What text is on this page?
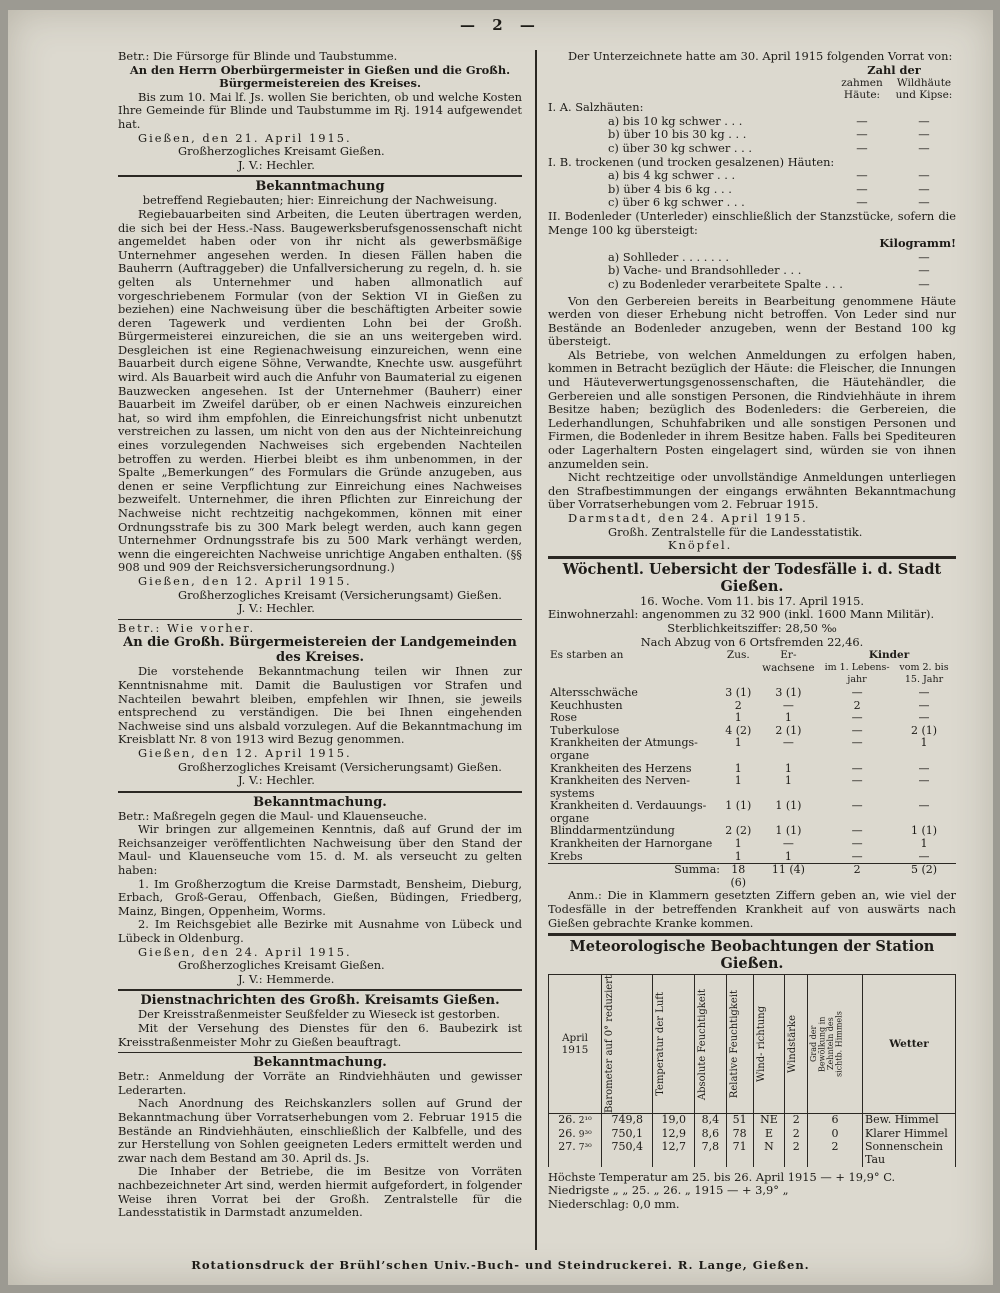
— 2 —

Betr.: Die Fürsorge für Blinde und Taubstumme.

An den Herrn Oberbürgermeister in Gießen und die Großh. Bürgermeistereien des Kreises.

Bis zum 10. Mai lf. Js. wollen Sie berichten, ob und welche Kosten Ihre Gemeinde für Blinde und Taubstumme im Rj. 1914 aufgewendet hat.

Gießen, den 21. April 1915.

Großherzogliches Kreisamt Gießen.

J. V.: Hechler.

Bekanntmachung

betreffend Regiebauten; hier: Einreichung der Nachweisung.

Regiebauarbeiten sind Arbeiten, die Leuten übertragen werden, die sich bei der Hess.-Nass. Baugewerksberufsgenossenschaft nicht angemeldet haben oder von ihr nicht als gewerbsmäßige Unternehmer angesehen werden. In diesen Fällen haben die Bauherrn (Auftraggeber) die Unfallversicherung zu regeln, d. h. sie gelten als Unternehmer und haben allmonatlich auf vorgeschriebenem Formular (von der Sektion VI in Gießen zu beziehen) eine Nachweisung über die beschäftigten Arbeiter sowie deren Tagewerk und verdienten Lohn bei der Großh. Bürgermeisterei einzureichen, die sie an uns weitergeben wird. Desgleichen ist eine Regienachweisung einzureichen, wenn eine Bauarbeit durch eigene Söhne, Verwandte, Knechte usw. ausgeführt wird. Als Bauarbeit wird auch die Anfuhr von Baumaterial zu eigenen Bauzwecken angesehen. Ist der Unternehmer (Bauherr) einer Bauarbeit im Zweifel darüber, ob er einen Nachweis einzureichen hat, so wird ihm empfohlen, die Einreichungsfrist nicht unbenutzt verstreichen zu lassen, um nicht von den aus der Nichteinreichung eines vorzulegenden Nachweises sich ergebenden Nachteilen betroffen zu werden. Hierbei bleibt es ihm unbenommen, in der Spalte „Bemerkungen“ des Formulars die Gründe anzugeben, aus denen er seine Verpflichtung zur Einreichung eines Nachweises bezweifelt. Unternehmer, die ihren Pflichten zur Einreichung der Nachweise nicht rechtzeitig nachgekommen, können mit einer Ordnungsstrafe bis zu 300 Mark belegt werden, auch kann gegen Unternehmer Ordnungsstrafe bis zu 500 Mark verhängt werden, wenn die eingereichten Nachweise unrichtige Angaben enthalten. (§§ 908 und 909 der Reichsversicherungsordnung.)

Gießen, den 12. April 1915.

Großherzogliches Kreisamt (Versicherungsamt) Gießen.

J. V.: Hechler.

Betr.: Wie vorher.

An die Großh. Bürgermeistereien der Landgemeinden des Kreises.

Die vorstehende Bekanntmachung teilen wir Ihnen zur Kenntnisnahme mit. Damit die Baulustigen vor Strafen und Nachteilen bewahrt bleiben, empfehlen wir Ihnen, sie jeweils entsprechend zu verständigen. Die bei Ihnen eingehenden Nachweise sind uns alsbald vorzulegen. Auf die Bekanntmachung im Kreisblatt Nr. 8 von 1913 wird Bezug genommen.

Gießen, den 12. April 1915.

Großherzogliches Kreisamt (Versicherungsamt) Gießen.

J. V.: Hechler.

Bekanntmachung.

Betr.: Maßregeln gegen die Maul- und Klauenseuche.

Wir bringen zur allgemeinen Kenntnis, daß auf Grund der im Reichsanzeiger veröffentlichten Nachweisung über den Stand der Maul- und Klauenseuche vom 15. d. M. als verseucht zu gelten haben:

1. Im Großherzogtum die Kreise Darmstadt, Bensheim, Dieburg, Erbach, Groß-Gerau, Offenbach, Gießen, Büdingen, Friedberg, Mainz, Bingen, Oppenheim, Worms.

2. Im Reichsgebiet alle Bezirke mit Ausnahme von Lübeck und Lübeck in Oldenburg.

Gießen, den 24. April 1915.

Großherzogliches Kreisamt Gießen.

J. V.: Hemmerde.

Dienstnachrichten des Großh. Kreisamts Gießen.

Der Kreisstraßenmeister Seußfelder zu Wieseck ist gestorben.

Mit der Versehung des Dienstes für den 6. Baubezirk ist Kreisstraßenmeister Mohr zu Gießen beauftragt.

Bekanntmachung.

Betr.: Anmeldung der Vorräte an Rindviehhäuten und gewisser Lederarten.

Nach Anordnung des Reichskanzlers sollen auf Grund der Bekanntmachung über Vorratserhebungen vom 2. Februar 1915 die Bestände an Rindviehhäuten, einschließlich der Kalbfelle, und des zur Herstellung von Sohlen geeigneten Leders ermittelt werden und zwar nach dem Bestand am 30. April ds. Js.

Die Inhaber der Betriebe, die im Besitze von Vorräten nachbezeichneter Art sind, werden hiermit aufgefordert, in folgender Weise ihren Vorrat bei der Großh. Zentralstelle für die Landesstatistik in Darmstadt anzumelden.

Der Unterzeichnete hatte am 30. April 1915 folgenden Vorrat von:

Zahl der
zahmen Häute:
Wildhäute und Kipse:

I. A. Salzhäuten:

a) bis 10 kg schwer . . .	—	—
b) über 10 bis 30 kg . . .	—	—
c) über 30 kg schwer . . .	—	—

I. B. trockenen (und trocken gesalzenen) Häuten:

a) bis 4 kg schwer . . .	—	—
b) über 4 bis 6 kg . . .	—	—
c) über 6 kg schwer . . .	—	—

II. Bodenleder (Unterleder) einschließlich der Stanzstücke, sofern die Menge 100 kg übersteigt:

Kilogramm!

a) Sohlleder . . . . . . .	—
b) Vache- und Brandsohlleder . . .	—
c) zu Bodenleder verarbeitete Spalte . . .	—

Von den Gerbereien bereits in Bearbeitung genommene Häute werden von dieser Erhebung nicht betroffen. Von Leder sind nur Bestände an Bodenleder anzugeben, wenn der Bestand 100 kg übersteigt.

Als Betriebe, von welchen Anmeldungen zu erfolgen haben, kommen in Betracht bezüglich der Häute: die Fleischer, die Innungen und Häuteverwertungsgenossenschaften, die Häutehändler, die Gerbereien und alle sonstigen Personen, die Rindviehhäute in ihrem Besitze haben; bezüglich des Bodenleders: die Gerbereien, die Lederhandlungen, Schuhfabriken und alle sonstigen Personen und Firmen, die Bodenleder in ihrem Besitze haben. Falls bei Spediteuren oder Lagerhaltern Posten eingelagert sind, würden sie von ihnen anzumelden sein.

Nicht rechtzeitige oder unvollständige Anmeldungen unterliegen den Strafbestimmungen der eingangs erwähnten Bekanntmachung über Vorratserhebungen vom 2. Februar 1915.

Darmstadt, den 24. April 1915.

Großh. Zentralstelle für die Landesstatistik.

Knöpfel.

Wöchentl. Uebersicht der Todesfälle i. d. Stadt Gießen.

16. Woche. Vom 11. bis 17. April 1915.

Einwohnerzahl: angenommen zu 32 900 (inkl. 1600 Mann Militär).

Sterblichkeitsziffer: 28,50 ‰

Nach Abzug von 6 Ortsfremden 22,46.

Es starben an	Zus.	Er- wachsene	Kinder	
			im 1. Lebens- jahr	vom 2. bis 15. Jahr
Altersschwäche	3 (1)	3 (1)	—	—
Keuchhusten	2	—	2	—
Rose	1	1	—	—
Tuberkulose	4 (2)	2 (1)	—	2 (1)
Krankheiten der Atmungs- organe	1	—	—	1
Krankheiten des Herzens	1	1	—	—
Krankheiten des Nerven- systems	1	1	—	—
Krankheiten d. Verdauungs- organe	1 (1)	1 (1)	—	—
Blinddarmentzündung	2 (2)	1 (1)	—	1 (1)
Krankheiten der Harnorgane	1	—	—	1
Krebs	1	1	—	—
Summa:	18 (6)	11 (4)	2	5 (2)

Anm.: Die in Klammern gesetzten Ziffern geben an, wie viel der Todesfälle in der betreffenden Krankheit auf von auswärts nach Gießen gebrachte Kranke kommen.

Meteorologische Beobachtungen der Station Gießen.

April
1915	Barometer auf 0° reduziert	Temperatur der Luft	Absolute Feuchtigkeit	Relative Feuchtigkeit	Wind- richtung	Windstärke	Grad der Bewölkung in Zehnteln des sichtb. Himmels	Wetter
26. 2¹⁰	749,8	19,0	8,4	51	NE	2	6	Bew. Himmel
26. 9³⁰	750,1	12,9	8,6	78	E	2	0	Klarer Himmel
27. 7³⁰	750,4	12,7	7,8	71	N	2	2	Sonnenschein Tau

Höchste Temperatur am 25. bis 26. April 1915 — + 19,9° C.

Niedrigste „ „ 25. „ 26. „ 1915 — + 3,9° „

Niederschlag: 0,0 mm.

Rotationsdruck der Brühl’schen Univ.-Buch- und Steindruckerei. R. Lange, Gießen.
